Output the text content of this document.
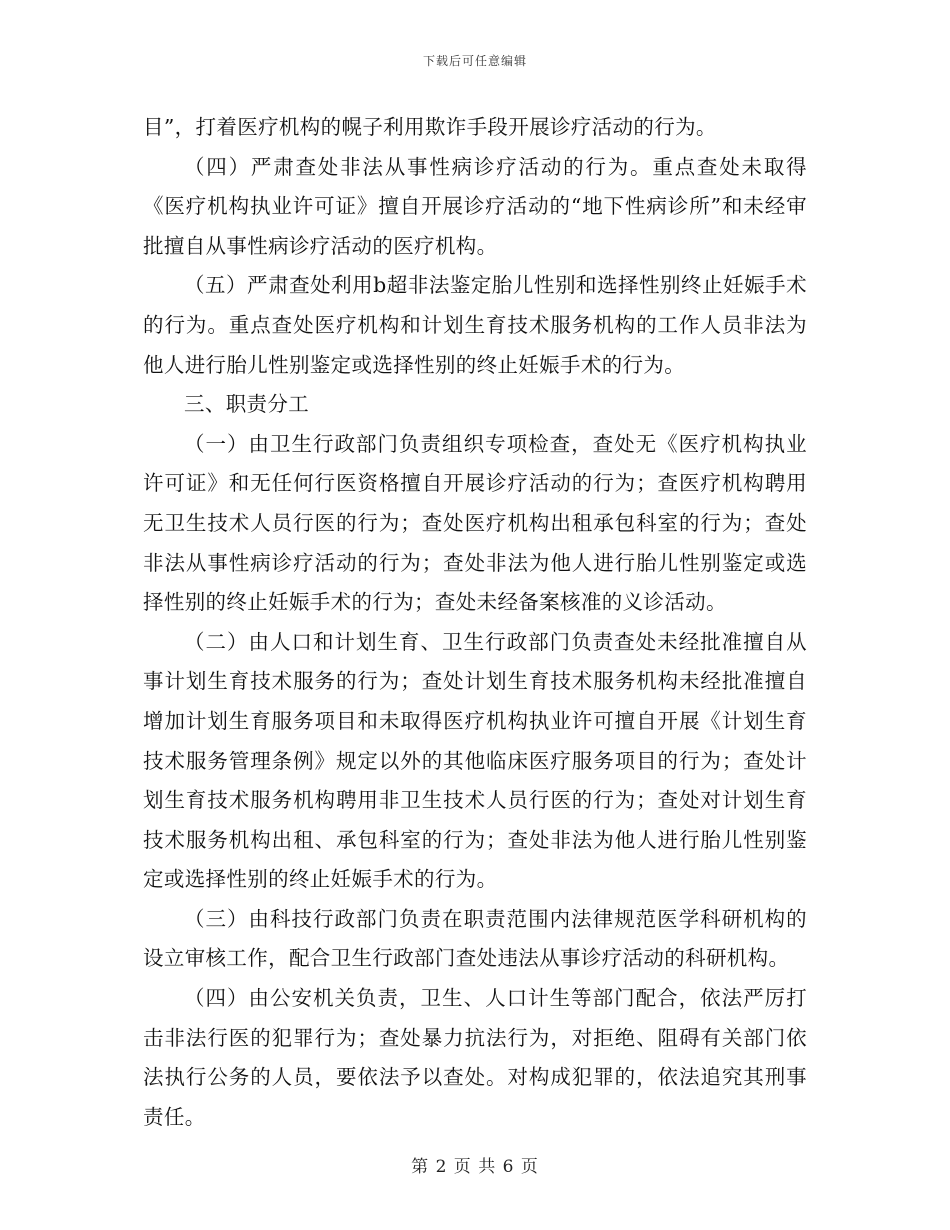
下载后可任意编辑

目”，打着医疗机构的幌子利用欺诈手段开展诊疗活动的行为。

（四）严肃查处非法从事性病诊疗活动的行为。重点查处未取得《医疗机构执业许可证》擅自开展诊疗活动的“地下性病诊所”和未经审批擅自从事性病诊疗活动的医疗机构。

（五）严肃查处利用b超非法鉴定胎儿性别和选择性别终止妊娠手术的行为。重点查处医疗机构和计划生育技术服务机构的工作人员非法为他人进行胎儿性别鉴定或选择性别的终止妊娠手术的行为。

三、职责分工

（一）由卫生行政部门负责组织专项检查，查处无《医疗机构执业许可证》和无任何行医资格擅自开展诊疗活动的行为；查医疗机构聘用无卫生技术人员行医的行为；查处医疗机构出租承包科室的行为；查处非法从事性病诊疗活动的行为；查处非法为他人进行胎儿性别鉴定或选择性别的终止妊娠手术的行为；查处未经备案核准的义诊活动。

（二）由人口和计划生育、卫生行政部门负责查处未经批准擅自从事计划生育技术服务的行为；查处计划生育技术服务机构未经批准擅自增加计划生育服务项目和未取得医疗机构执业许可擅自开展《计划生育技术服务管理条例》规定以外的其他临床医疗服务项目的行为；查处计划生育技术服务机构聘用非卫生技术人员行医的行为；查处对计划生育技术服务机构出租、承包科室的行为；查处非法为他人进行胎儿性别鉴定或选择性别的终止妊娠手术的行为。

（三）由科技行政部门负责在职责范围内法律规范医学科研机构的设立审核工作，配合卫生行政部门查处违法从事诊疗活动的科研机构。

（四）由公安机关负责，卫生、人口计生等部门配合，依法严厉打击非法行医的犯罪行为；查处暴力抗法行为，对拒绝、阻碍有关部门依法执行公务的人员，要依法予以查处。对构成犯罪的，依法追究其刑事责任。

第 2 页 共 6 页
